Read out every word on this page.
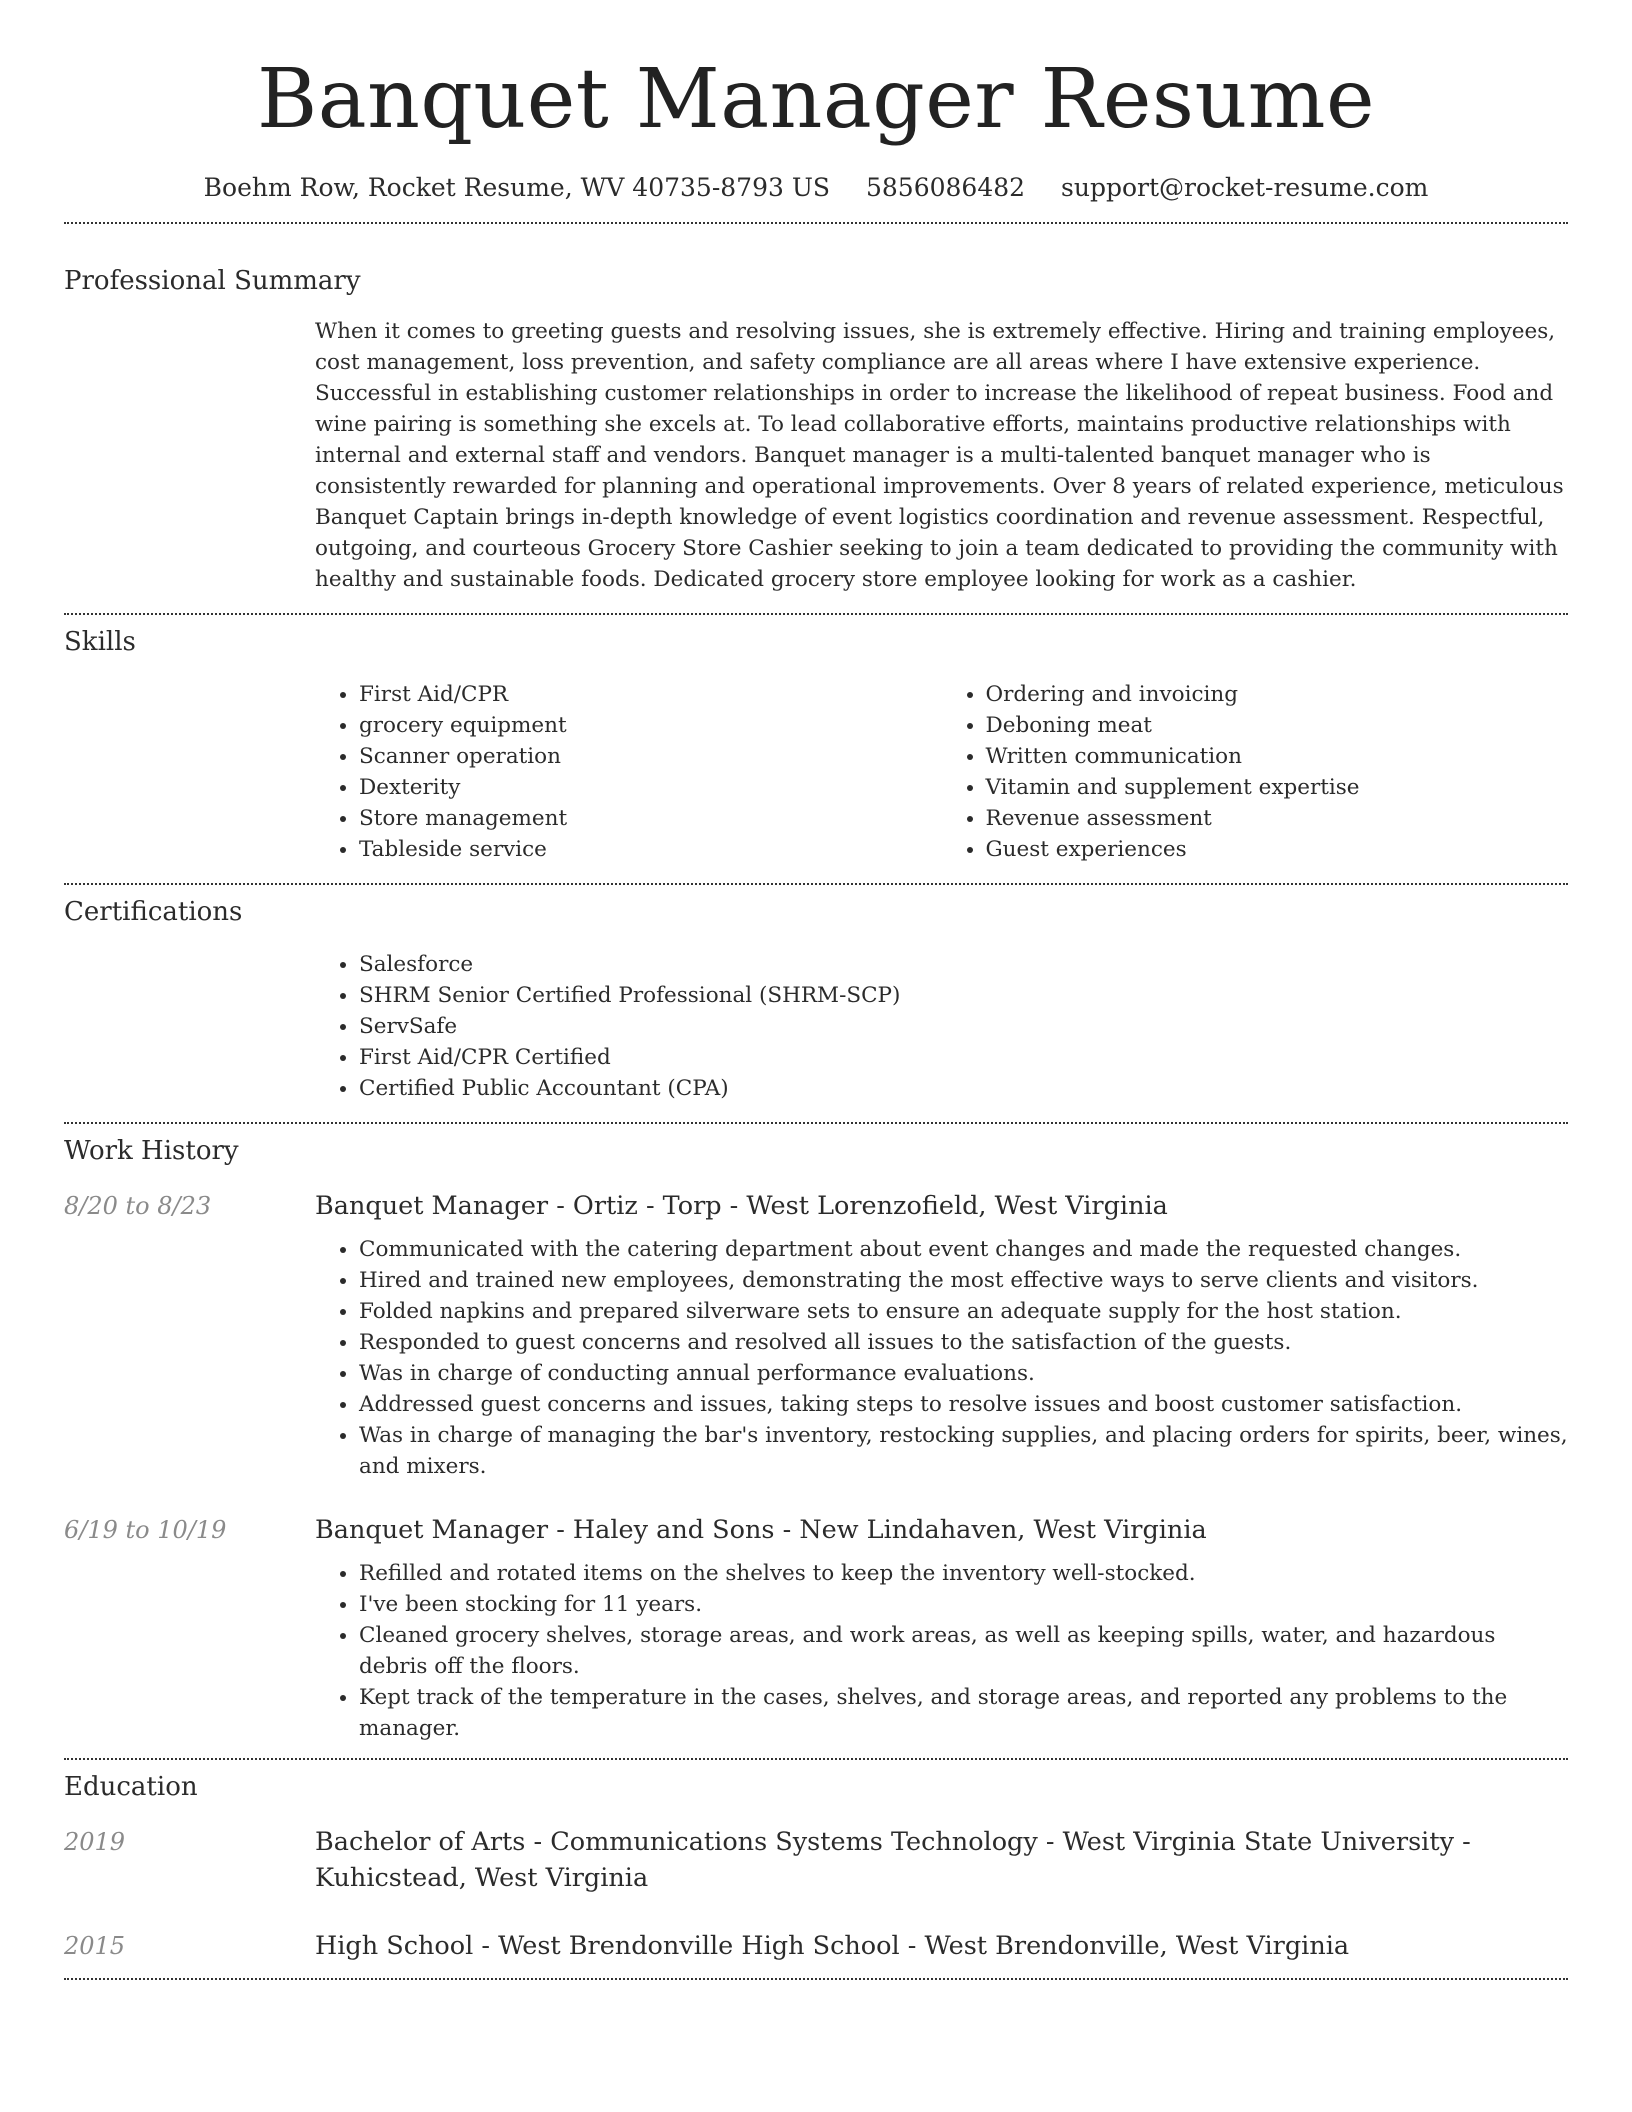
Banquet Manager Resume
Boehm Row, Rocket Resume, WV 40735-8793 US 5856086482 support@rocket-resume.com
Professional Summary

When it comes to greeting guests and resolving issues, she is extremely effective. Hiring and training employees, cost management, loss prevention, and safety compliance are all areas where I have extensive experience. Successful in establishing customer relationships in order to increase the likelihood of repeat business. Food and wine pairing is something she excels at. To lead collaborative efforts, maintains productive relationships with internal and external staff and vendors. Banquet manager is a multi-talented banquet manager who is consistently rewarded for planning and operational improvements. Over 8 years of related experience, meticulous Banquet Captain brings in-depth knowledge of event logistics coordination and revenue assessment. Respectful, outgoing, and courteous Grocery Store Cashier seeking to join a team dedicated to providing the community with healthy and sustainable foods. Dedicated grocery store employee looking for work as a cashier.

Skills
• First Aid/CPR
• grocery equipment
• Scanner operation
• Dexterity
• Store management
• Tableside service
• Ordering and invoicing
• Deboning meat
• Written communication
• Vitamin and supplement expertise
• Revenue assessment
• Guest experiences
Certifications
• Salesforce
• SHRM Senior Certified Professional (SHRM-SCP)
• ServSafe
• First Aid/CPR Certified
• Certified Public Accountant (CPA)
Work History
8/20 to 8/23	Banquet Manager - Ortiz - Torp - West Lorenzofield, West Virginia
• Communicated with the catering department about event changes and made the requested changes.
• Hired and trained new employees, demonstrating the most effective ways to serve clients and visitors.
• Folded napkins and prepared silverware sets to ensure an adequate supply for the host station.
• Responded to guest concerns and resolved all issues to the satisfaction of the guests.
• Was in charge of conducting annual performance evaluations.
• Addressed guest concerns and issues, taking steps to resolve issues and boost customer satisfaction.
• Was in charge of managing the bar's inventory, restocking supplies, and placing orders for spirits, beer, wines, and mixers.
6/19 to 10/19	Banquet Manager - Haley and Sons - New Lindahaven, West Virginia
• Refilled and rotated items on the shelves to keep the inventory well-stocked.
• I've been stocking for 11 years.
• Cleaned grocery shelves, storage areas, and work areas, as well as keeping spills, water, and hazardous debris off the floors.
• Kept track of the temperature in the cases, shelves, and storage areas, and reported any problems to the manager.
Education
2019	Bachelor of Arts - Communications Systems Technology - West Virginia State University - Kuhicstead, West Virginia
2015	High School - West Brendonville High School - West Brendonville, West Virginia
